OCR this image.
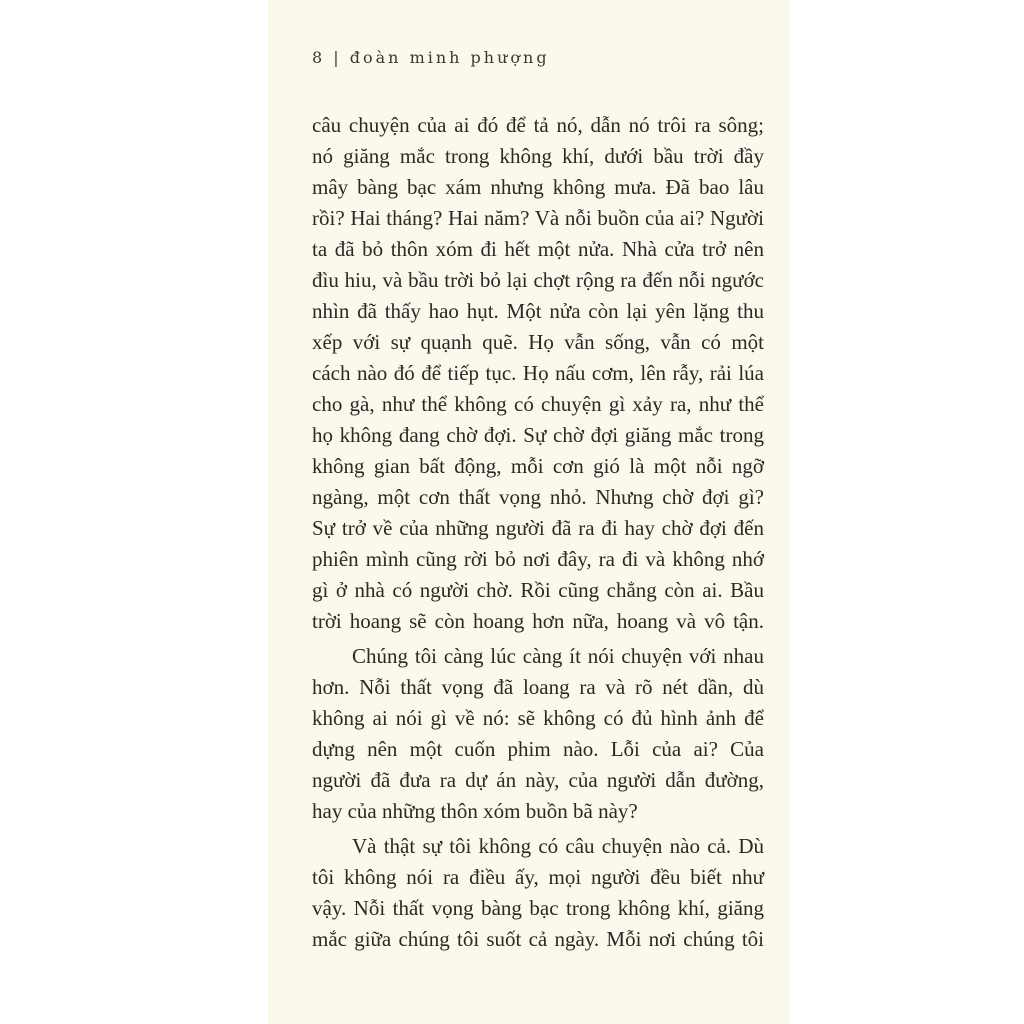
8 | đoàn minh phượng
câu chuyện của ai đó để tả nó, dẫn nó trôi ra sông;
nó giăng mắc trong không khí, dưới bầu trời đầy
mây bàng bạc xám nhưng không mưa. Đã bao lâu
rồi? Hai tháng? Hai năm? Và nỗi buồn của ai? Người
ta đã bỏ thôn xóm đi hết một nửa. Nhà cửa trở nên
đìu hiu, và bầu trời bỏ lại chợt rộng ra đến nỗi ngước
nhìn đã thấy hao hụt. Một nửa còn lại yên lặng thu
xếp với sự quạnh quẽ. Họ vẫn sống, vẫn có một
cách nào đó để tiếp tục. Họ nấu cơm, lên rẫy, rải lúa
cho gà, như thể không có chuyện gì xảy ra, như thể
họ không đang chờ đợi. Sự chờ đợi giăng mắc trong
không gian bất động, mỗi cơn gió là một nỗi ngỡ
ngàng, một cơn thất vọng nhỏ. Nhưng chờ đợi gì?
Sự trở về của những người đã ra đi hay chờ đợi đến
phiên mình cũng rời bỏ nơi đây, ra đi và không nhớ
gì ở nhà có người chờ. Rồi cũng chẳng còn ai. Bầu
trời hoang sẽ còn hoang hơn nữa, hoang và vô tận.
Chúng tôi càng lúc càng ít nói chuyện với nhau
hơn. Nỗi thất vọng đã loang ra và rõ nét dần, dù
không ai nói gì về nó: sẽ không có đủ hình ảnh để
dựng nên một cuốn phim nào. Lỗi của ai? Của
người đã đưa ra dự án này, của người dẫn đường,
hay của những thôn xóm buồn bã này?
Và thật sự tôi không có câu chuyện nào cả. Dù
tôi không nói ra điều ấy, mọi người đều biết như
vậy. Nỗi thất vọng bàng bạc trong không khí, giăng
mắc giữa chúng tôi suốt cả ngày. Mỗi nơi chúng tôi
